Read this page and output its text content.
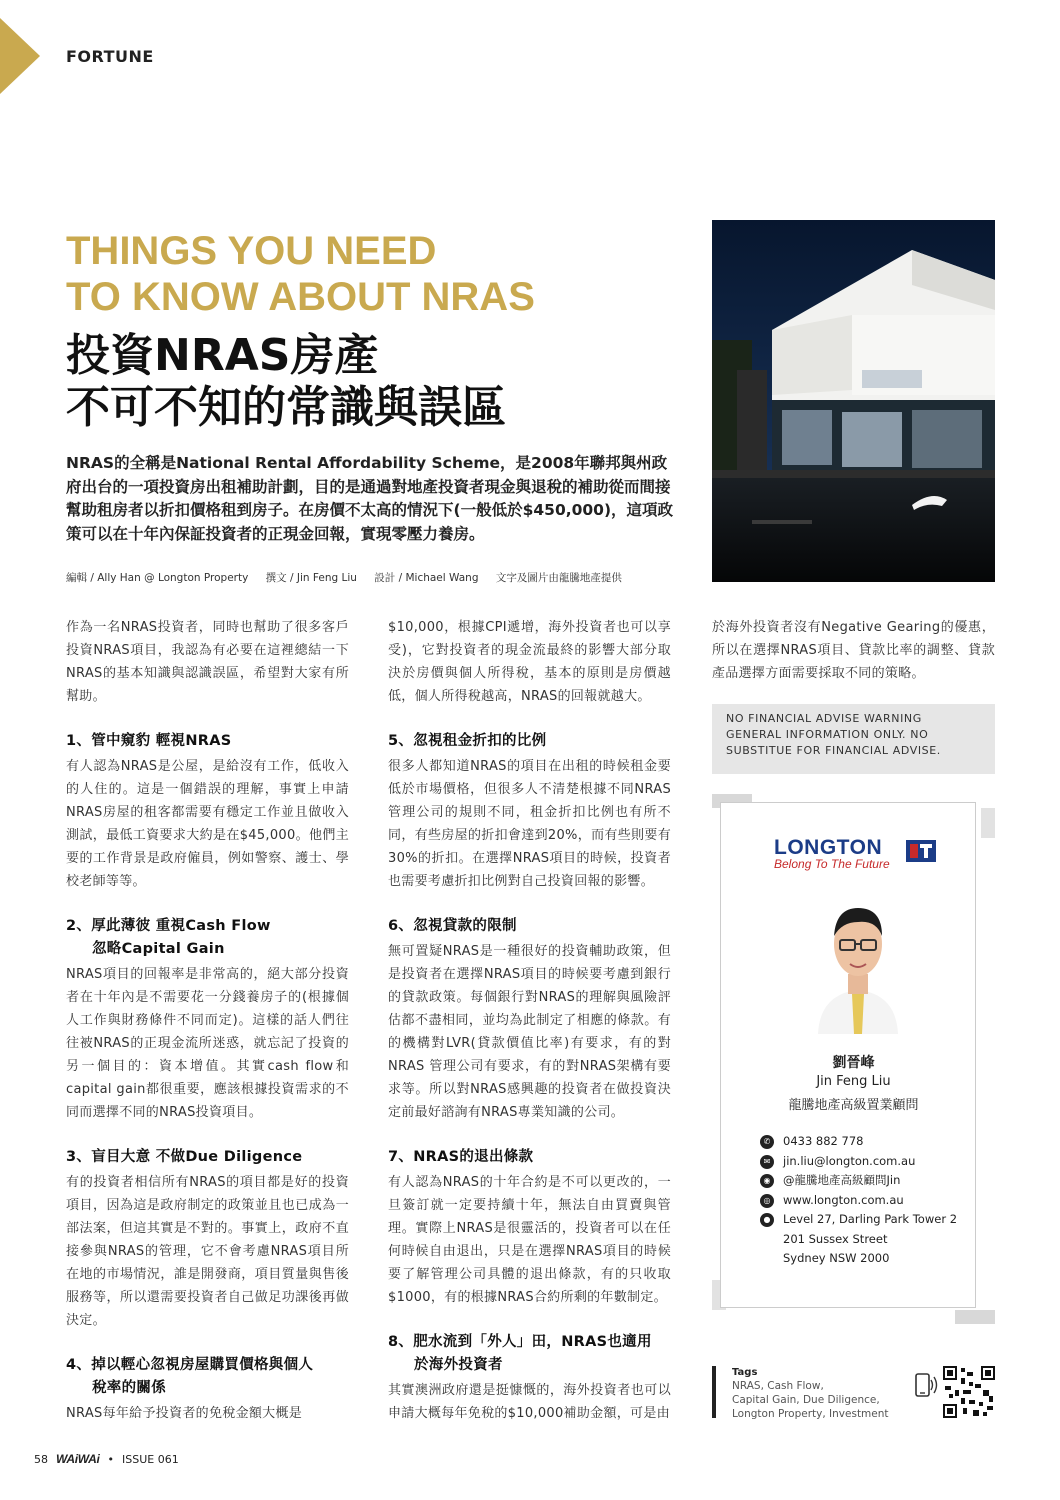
FORTUNE
THINGS YOU NEED
TO KNOW ABOUT NRAS
投資NRAS房產
不可不知的常識與誤區
NRAS的全稱是National Rental Affordability Scheme，是2008年聯邦與州政府出台的一項投資房出租補助計劃，目的是通過對地產投資者現金與退稅的補助從而間接幫助租房者以折扣價格租到房子。在房價不太高的情況下(一般低於$450,000)，這項政策可以在十年內保証投資者的正現金回報，實現零壓力養房。
編輯 / Ally Han @ Longton Property 撰文 / Jin Feng Liu 設計 / Michael Wang 文字及圖片由龍騰地產提供

作為一名NRAS投資者，同時也幫助了很多客戶投資NRAS項目，我認為有必要在這裡總結一下NRAS的基本知識與認識誤區，希望對大家有所幫助。

1、管中窺豹 輕視NRAS

有人認為NRAS是公屋，是給沒有工作，低收入的人住的。這是一個錯誤的理解，事實上申請NRAS房屋的租客都需要有穩定工作並且做收入測試，最低工資要求大約是在$45,000。他們主要的工作背景是政府僱員，例如警察、護士、學校老師等等。

2、厚此薄彼 重視Cash Flow
忽略Capital Gain

NRAS項目的回報率是非常高的，絕大部分投資者在十年內是不需要花一分錢養房子的(根據個人工作與財務條件不同而定)。這樣的話人們往往被NRAS的正現金流所迷惑，就忘記了投資的另一個目的：資本增值。其實cash flow和capital gain都很重要，應該根據投資需求的不同而選擇不同的NRAS投資項目。

3、盲目大意 不做Due Diligence

有的投資者相信所有NRAS的項目都是好的投資項目，因為這是政府制定的政策並且也已成為一部法案，但這其實是不對的。事實上，政府不直接參與NRAS的管理，它不會考慮NRAS項目所在地的市場情況，誰是開發商，項目質量與售後服務等，所以還需要投資者自己做足功課後再做決定。

4、掉以輕心忽視房屋購買價格與個人
稅率的關係

NRAS每年給予投資者的免稅金額大概是

$10,000，根據CPI遞增，海外投資者也可以享受)，它對投資者的現金流最終的影響大部分取決於房價與個人所得稅，基本的原則是房價越低，個人所得稅越高，NRAS的回報就越大。

5、忽視租金折扣的比例

很多人都知道NRAS的項目在出租的時候租金要低於市場價格，但很多人不清楚根據不同NRAS管理公司的規則不同，租金折扣比例也有所不同，有些房屋的折扣會達到20%，而有些則要有30%的折扣。在選擇NRAS項目的時候，投資者也需要考慮折扣比例對自己投資回報的影響。

6、忽視貸款的限制

無可置疑NRAS是一種很好的投資輔助政策，但是投資者在選擇NRAS項目的時候要考慮到銀行的貸款政策。每個銀行對NRAS的理解與風險評估都不盡相同，並均為此制定了相應的條款。有的機構對LVR(貸款價值比率)有要求，有的對NRAS 管理公司有要求，有的對NRAS架構有要求等。所以對NRAS感興趣的投資者在做投資決定前最好諮詢有NRAS專業知識的公司。

7、NRAS的退出條款

有人認為NRAS的十年合約是不可以更改的，一旦簽訂就一定要持續十年，無法自由買賣與管理。實際上NRAS是很靈活的，投資者可以在任何時候自由退出，只是在選擇NRAS項目的時候要了解管理公司具體的退出條款，有的只收取$1000，有的根據NRAS合約所剩的年數制定。

8、肥水流到「外人」田，NRAS也適用
於海外投資者

其實澳洲政府還是挺慷慨的，海外投資者也可以申請大概每年免稅的$10,000補助金額，可是由

於海外投資者沒有Negative Gearing的優惠，所以在選擇NRAS項目、貸款比率的調整、貸款產品選擇方面需要採取不同的策略。

NO FINANCIAL ADVISE WARNING GENERAL INFORMATION ONLY. NO SUBSTITUE FOR FINANCIAL ADVISE.
LONGTON
Belong To The Future
劉晉峰
Jin Feng Liu
龍騰地產高級置業顧問
✆	0433 882 778
✉	jin.liu@longton.com.au
◉	@龍騰地產高級顧問Jin
◎	www.longton.com.au
●	Level 27, Darling Park Tower 2
201 Sussex Street
Sydney NSW 2000
Tags
NRAS, Cash Flow,
Capital Gain, Due Diligence,
Longton Property, Investment
58 WAiWAi • ISSUE 061
